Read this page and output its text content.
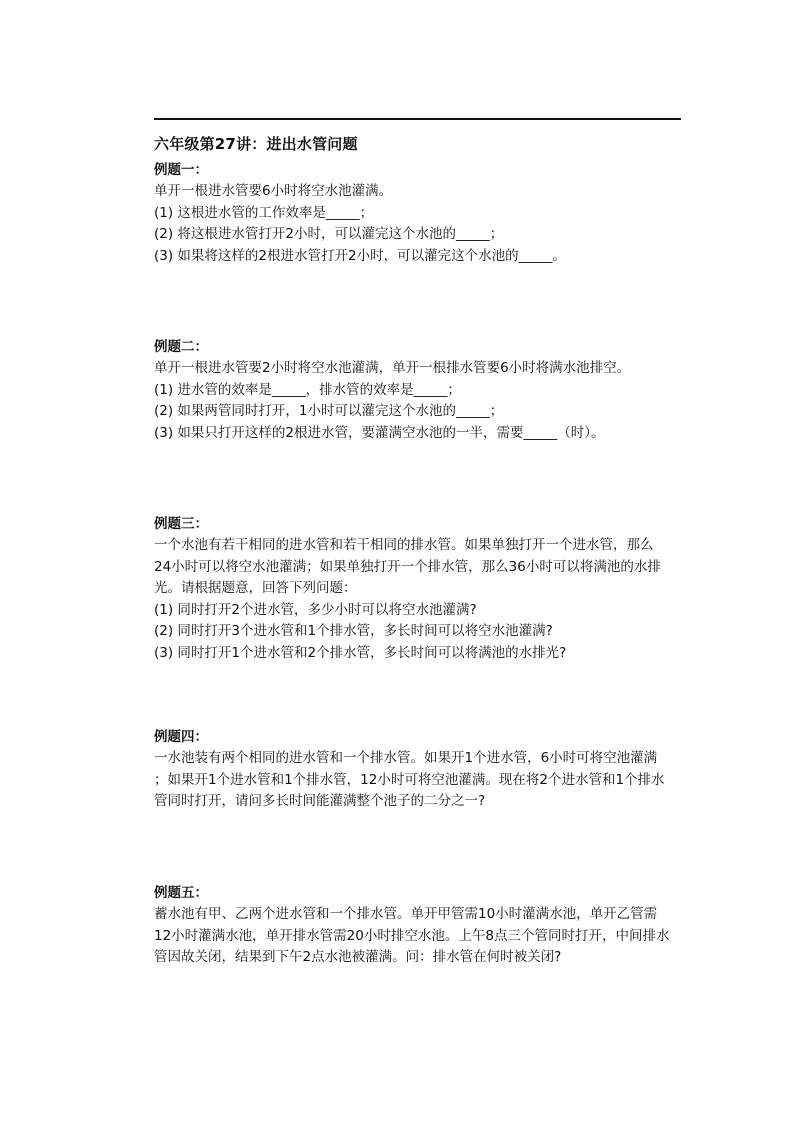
六年级第27讲：进出水管问题
例题一：
单开一根进水管要6小时将空水池灌满。
(1) 这根进水管的工作效率是_____；
(2) 将这根进水管打开2小时，可以灌完这个水池的_____；
(3) 如果将这样的2根进水管打开2小时，可以灌完这个水池的_____。
例题二：
单开一根进水管要2小时将空水池灌满，单开一根排水管要6小时将满水池排空。
(1) 进水管的效率是_____，排水管的效率是_____；
(2) 如果两管同时打开，1小时可以灌完这个水池的_____；
(3) 如果只打开这样的2根进水管，要灌满空水池的一半，需要_____（时）。
例题三：
一个水池有若干相同的进水管和若干相同的排水管。如果单独打开一个进水管，那么
24小时可以将空水池灌满；如果单独打开一个排水管，那么36小时可以将满池的水排
光。请根据题意，回答下列问题：
(1) 同时打开2个进水管，多少小时可以将空水池灌满?
(2) 同时打开3个进水管和1个排水管，多长时间可以将空水池灌满?
(3) 同时打开1个进水管和2个排水管，多长时间可以将满池的水排光?
例题四：
一水池装有两个相同的进水管和一个排水管。如果开1个进水管，6小时可将空池灌满
；如果开1个进水管和1个排水管，12小时可将空池灌满。现在将2个进水管和1个排水
管同时打开，请问多长时间能灌满整个池子的二分之一?
例题五：
蓄水池有甲、乙两个进水管和一个排水管。单开甲管需10小时灌满水池，单开乙管需
12小时灌满水池，单开排水管需20小时排空水池。上午8点三个管同时打开，中间排水
管因故关闭，结果到下午2点水池被灌满。问：排水管在何时被关闭?
